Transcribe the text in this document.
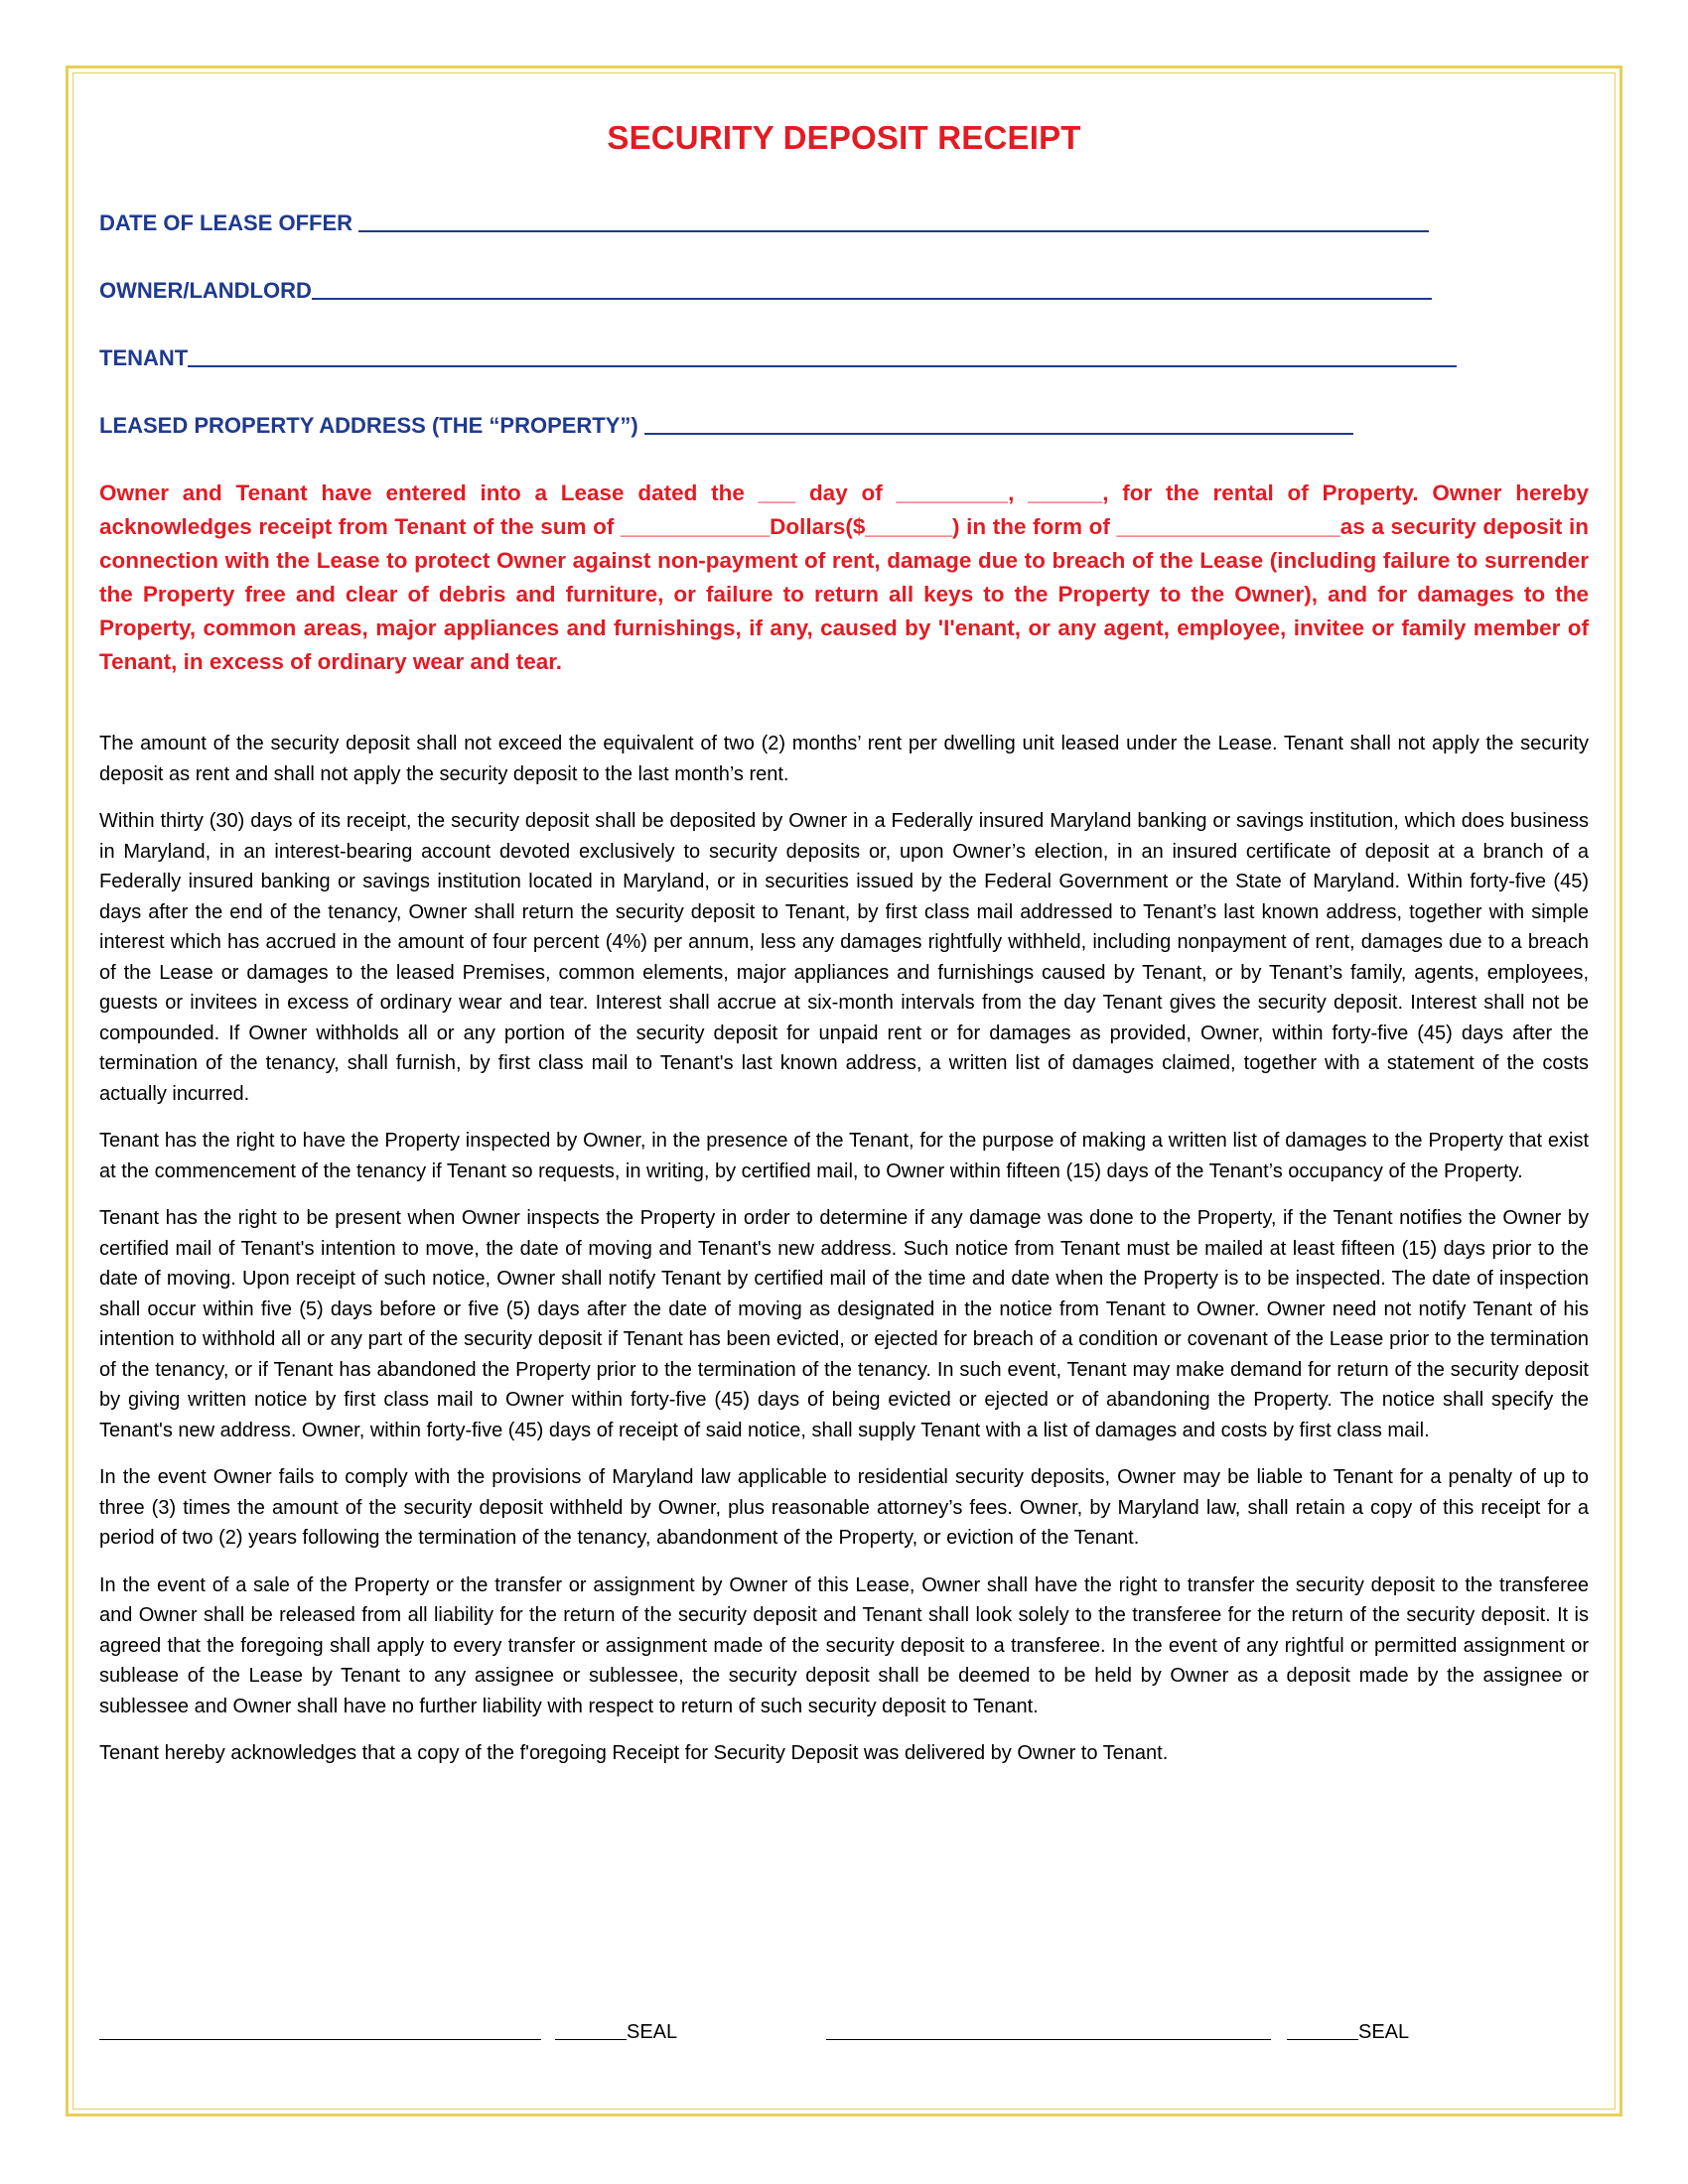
SECURITY DEPOSIT RECEIPT
DATE OF LEASE OFFER
OWNER/LANDLORD
TENANT
LEASED PROPERTY ADDRESS (THE “PROPERTY”)

Owner and Tenant have entered into a Lease dated the ___ day of _________, ______, for the rental of Property. Owner hereby acknowledges receipt from Tenant of the sum of ____________Dollars($_______) in the form of __________________as a security deposit in connection with the Lease to protect Owner against non-payment of rent, damage due to breach of the Lease (including failure to surrender the Property free and clear of debris and furniture, or failure to return all keys to the Property to the Owner), and for damages to the Property, common areas, major appliances and furnishings, if any, caused by 'I'enant, or any agent, employee, invitee or family member of Tenant, in excess of ordinary wear and tear.

The amount of the security deposit shall not exceed the equivalent of two (2) months’ rent per dwelling unit leased under the Lease. Tenant shall not apply the security deposit as rent and shall not apply the security deposit to the last month’s rent.

Within thirty (30) days of its receipt, the security deposit shall be deposited by Owner in a Federally insured Maryland banking or savings institution, which does business in Maryland, in an interest-bearing account devoted exclusively to security deposits or, upon Owner’s election, in an insured certificate of deposit at a branch of a Federally insured banking or savings institution located in Maryland, or in securities issued by the Federal Government or the State of Maryland. Within forty-five (45) days after the end of the tenancy, Owner shall return the security deposit to Tenant, by first class mail addressed to Tenant’s last known address, together with simple interest which has accrued in the amount of four percent (4%) per annum, less any damages rightfully withheld, including nonpayment of rent, damages due to a breach of the Lease or damages to the leased Premises, common elements, major appliances and furnishings caused by Tenant, or by Tenant’s family, agents, employees, guests or invitees in excess of ordinary wear and tear. Interest shall accrue at six-month intervals from the day Tenant gives the security deposit. Interest shall not be compounded. If Owner withholds all or any portion of the security deposit for unpaid rent or for damages as provided, Owner, within forty-five (45) days after the termination of the tenancy, shall furnish, by first class mail to Tenant's last known address, a written list of damages claimed, together with a statement of the costs actually incurred.

Tenant has the right to have the Property inspected by Owner, in the presence of the Tenant, for the purpose of making a written list of damages to the Property that exist at the commencement of the tenancy if Tenant so requests, in writing, by certified mail, to Owner within fifteen (15) days of the Tenant’s occupancy of the Property.

Tenant has the right to be present when Owner inspects the Property in order to determine if any damage was done to the Property, if the Tenant notifies the Owner by certified mail of Tenant's intention to move, the date of moving and Tenant's new address. Such notice from Tenant must be mailed at least fifteen (15) days prior to the date of moving. Upon receipt of such notice, Owner shall notify Tenant by certified mail of the time and date when the Property is to be inspected. The date of inspection shall occur within five (5) days before or five (5) days after the date of moving as designated in the notice from Tenant to Owner. Owner need not notify Tenant of his intention to withhold all or any part of the security deposit if Tenant has been evicted, or ejected for breach of a condition or covenant of the Lease prior to the termination of the tenancy, or if Tenant has abandoned the Property prior to the termination of the tenancy. In such event, Tenant may make demand for return of the security deposit by giving written notice by first class mail to Owner within forty-five (45) days of being evicted or ejected or of abandoning the Property. The notice shall specify the Tenant's new address. Owner, within forty-five (45) days of receipt of said notice, shall supply Tenant with a list of damages and costs by first class mail.

In the event Owner fails to comply with the provisions of Maryland law applicable to residential security deposits, Owner may be liable to Tenant for a penalty of up to three (3) times the amount of the security deposit withheld by Owner, plus reasonable attorney’s fees. Owner, by Maryland law, shall retain a copy of this receipt for a period of two (2) years following the termination of the tenancy, abandonment of the Property, or eviction of the Tenant.

In the event of a sale of the Property or the transfer or assignment by Owner of this Lease, Owner shall have the right to transfer the security deposit to the transferee and Owner shall be released from all liability for the return of the security deposit and Tenant shall look solely to the transferee for the return of the security deposit. It is agreed that the foregoing shall apply to every transfer or assignment made of the security deposit to a transferee. In the event of any rightful or permitted assignment or sublease of the Lease by Tenant to any assignee or sublessee, the security deposit shall be deemed to be held by Owner as a deposit made by the assignee or sublessee and Owner shall have no further liability with respect to return of such security deposit to Tenant.

Tenant hereby acknowledges that a copy of the f'oregoing Receipt for Security Deposit was delivered by Owner to Tenant.

SEAL	SEAL
